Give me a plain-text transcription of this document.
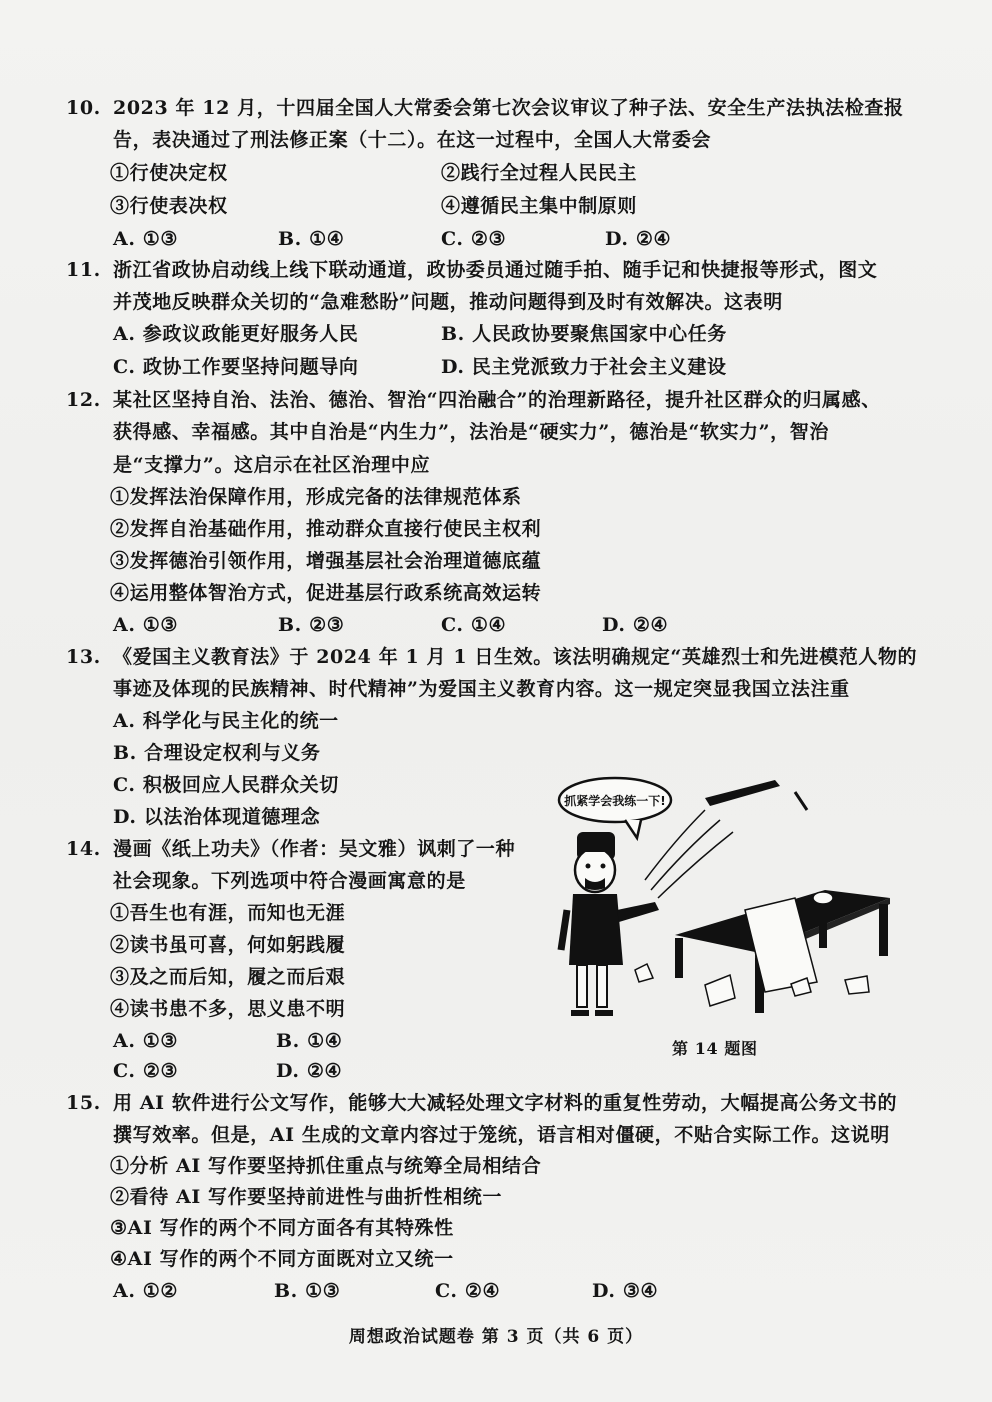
10. 2023 年 12 月，十四届全国人大常委会第七次会议审议了种子法、安全生产法执法检查报
告，表决通过了刑法修正案（十二）。在这一过程中，全国人大常委会
①行使决定权	②践行全过程人民民主
③行使表决权	④遵循民主集中制原则
A. ①③	B. ①④	C. ②③	D. ②④
11. 浙江省政协启动线上线下联动通道，政协委员通过随手拍、随手记和快捷报等形式，图文
并茂地反映群众关切的“急难愁盼”问题，推动问题得到及时有效解决。这表明
A. 参政议政能更好服务人民	B. 人民政协要聚焦国家中心任务
C. 政协工作要坚持问题导向	D. 民主党派致力于社会主义建设
12. 某社区坚持自治、法治、德治、智治“四治融合”的治理新路径，提升社区群众的归属感、
获得感、幸福感。其中自治是“内生力”，法治是“硬实力”，德治是“软实力”，智治
是“支撑力”。这启示在社区治理中应
①发挥法治保障作用，形成完备的法律规范体系
②发挥自治基础作用，推动群众直接行使民主权利
③发挥德治引领作用，增强基层社会治理道德底蕴
④运用整体智治方式，促进基层行政系统高效运转
A. ①③	B. ②③	C. ①④	D. ②④
13. 《爱国主义教育法》于 2024 年 1 月 1 日生效。该法明确规定“英雄烈士和先进模范人物的
事迹及体现的民族精神、时代精神”为爱国主义教育内容。这一规定突显我国立法注重
A. 科学化与民主化的统一
B. 合理设定权利与义务
C. 积极回应人民群众关切
D. 以法治体现道德理念
14. 漫画《纸上功夫》（作者：吴文雅）讽刺了一种
社会现象。下列选项中符合漫画寓意的是
①吾生也有涯，而知也无涯
②读书虽可喜，何如躬践履
③及之而后知，履之而后艰
④读书患不多，思义患不明
A. ①③	B. ①④
C. ②③	D. ②④
抓紧学会我练一下!
第 14 题图
15. 用 AI 软件进行公文写作，能够大大减轻处理文字材料的重复性劳动，大幅提高公务文书的
撰写效率。但是，AI 生成的文章内容过于笼统，语言相对僵硬，不贴合实际工作。这说明
①分析 AI 写作要坚持抓住重点与统筹全局相结合
②看待 AI 写作要坚持前进性与曲折性相统一
③AI 写作的两个不同方面各有其特殊性
④AI 写作的两个不同方面既对立又统一
A. ①②	B. ①③	C. ②④	D. ③④
周想政治试题卷 第 3 页（共 6 页）
